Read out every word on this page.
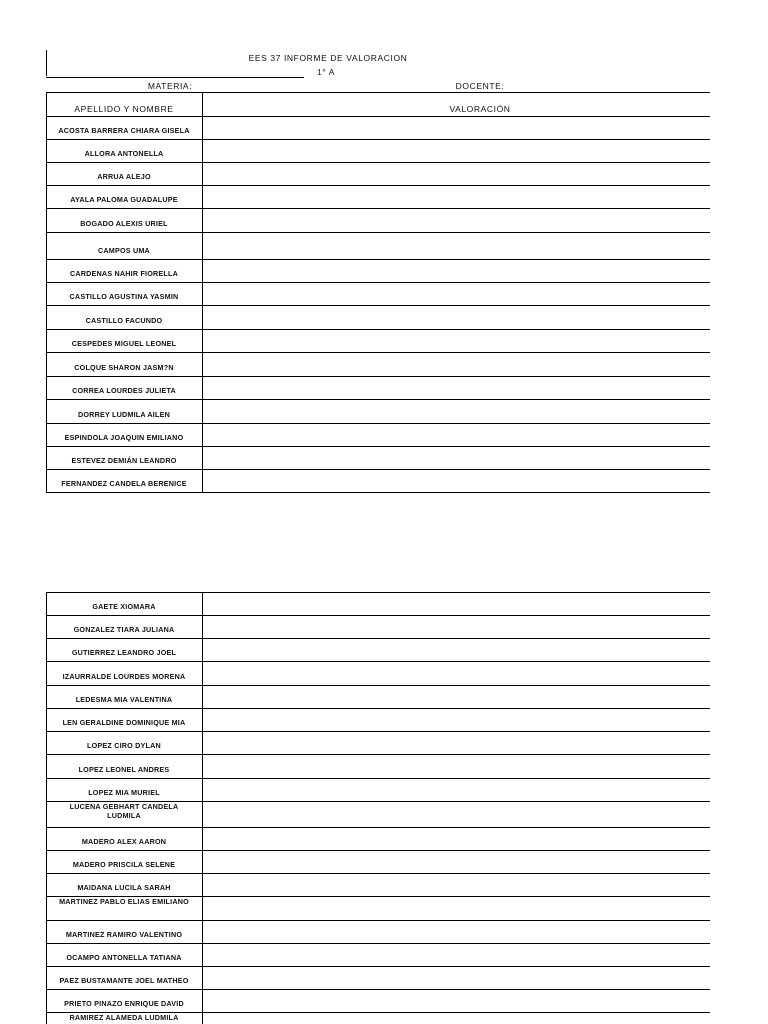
EES 37 INFORME DE VALORACION
1° A
MATERIA:	DOCENTE:
APELLIDO Y NOMBRE	VALORACIÓN
ACOSTA BARRERA CHIARA GISELA
ALLORA ANTONELLA
ARRUA ALEJO
AYALA PALOMA GUADALUPE
BOGADO ALEXIS URIEL
CAMPOS UMA
CARDENAS NAHIR FIORELLA
CASTILLO AGUSTINA YASMIN
CASTILLO FACUNDO
CESPEDES MIGUEL LEONEL
COLQUE SHARON JASM?N
CORREA LOURDES JULIETA
DORREY LUDMILA AILEN
ESPINDOLA JOAQUIN EMILIANO
ESTEVEZ DEMIÁN LEANDRO
FERNANDEZ CANDELA BERENICE
GAETE XIOMARA
GONZALEZ TIARA JULIANA
GUTIERREZ LEANDRO JOEL
IZAURRALDE LOURDES MORENA
LEDESMA MIA VALENTINA
LEN GERALDINE DOMINIQUE MIA
LOPEZ CIRO DYLAN
LOPEZ LEONEL ANDRES
LOPEZ MIA MURIEL
LUCENA GEBHART CANDELA LUDMILA
MADERO ALEX AARON
MADERO PRISCILA SELENE
MAIDANA LUCILA SARAH
MARTINEZ PABLO ELIAS EMILIANO
MARTINEZ RAMIRO VALENTINO
OCAMPO ANTONELLA TATIANA
PAEZ BUSTAMANTE JOEL MATHEO
PRIETO PINAZO ENRIQUE DAVID
RAMIREZ ALAMEDA LUDMILA
